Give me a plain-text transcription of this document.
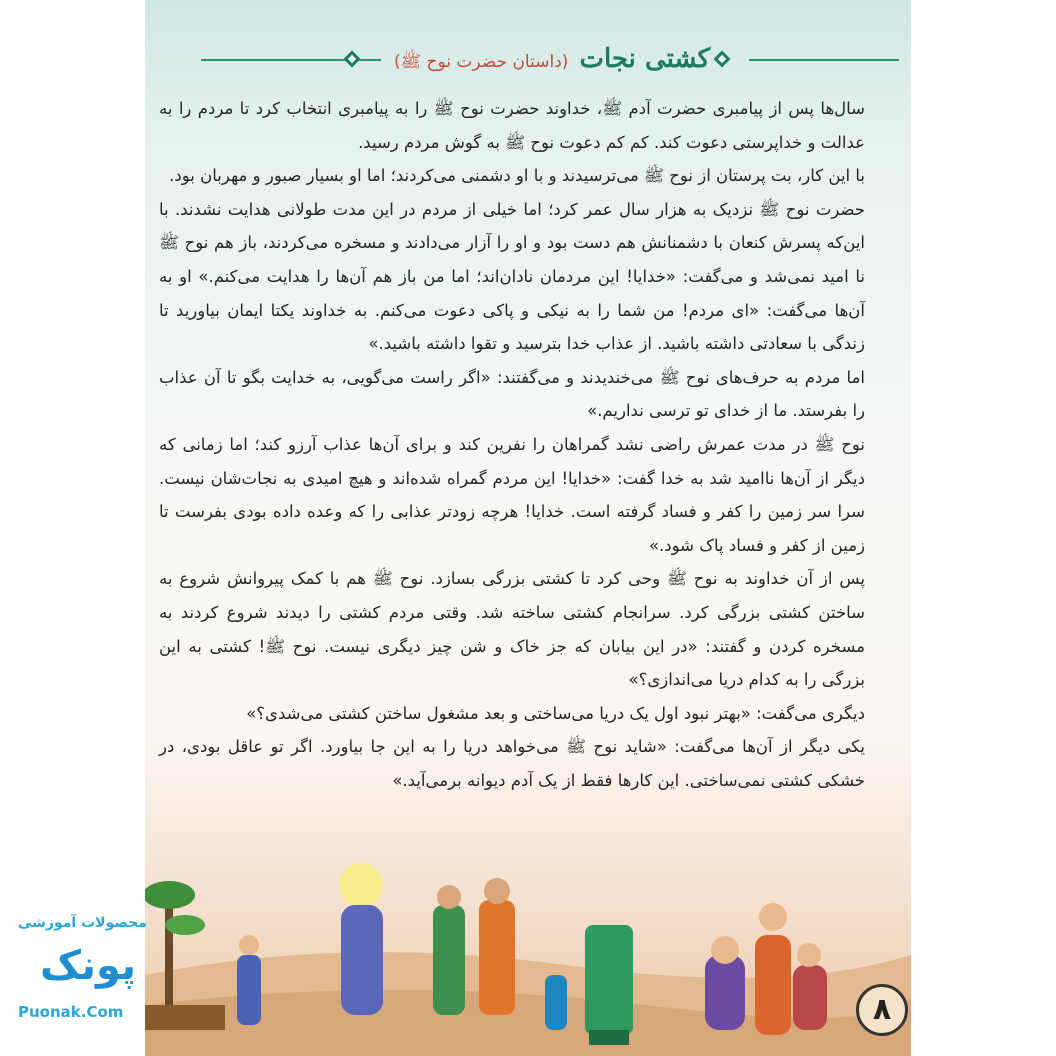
کشتی نجات (داستان حضرت نوح ﷺ)

سال‌ها پس از پیامبری حضرت آدم ﷺ، خداوند حضرت نوح ﷺ را به پیامبری انتخاب کرد تا مردم را به عدالت و خداپرستی دعوت کند. کم کم دعوت نوح ﷺ به گوش مردم رسید.

با این کار، بت پرستان از نوح ﷺ می‌ترسیدند و با او دشمنی می‌کردند؛ اما او بسیار صبور و مهربان بود.

حضرت نوح ﷺ نزدیک به هزار سال عمر کرد؛ اما خیلی از مردم در این مدت طولانی هدایت نشدند. با این‌که پسرش کنعان با دشمنانش هم دست بود و او را آزار می‌دادند و مسخره می‌کردند، باز هم نوح ﷺ نا امید نمی‌شد و می‌گفت: «خدایا! این مردمان نادان‌اند؛ اما من باز هم آن‌ها را هدایت می‌کنم.» او به آن‌ها می‌گفت: «ای مردم! من شما را به نیکی و پاکی دعوت می‌کنم. به خداوند یکتا ایمان بیاورید تا زندگی با سعادتی داشته باشید. از عذاب خدا بترسید و تقوا داشته باشید.»

اما مردم به حرف‌های نوح ﷺ می‌خندیدند و می‌گفتند: «اگر راست می‌گویی، به خدایت بگو تا آن عذاب را بفرستد. ما از خدای تو ترسی نداریم.»

نوح ﷺ در مدت عمرش راضی نشد گمراهان را نفرین کند و برای آن‌ها عذاب آرزو کند؛ اما زمانی که دیگر از آن‌ها ناامید شد به خدا گفت: «خدایا! این مردم گمراه شده‌اند و هیچ امیدی به نجات‌شان نیست. سرا سر زمین را کفر و فساد گرفته است. خدایا! هرچه زودتر عذابی را که وعده داده بودی بفرست تا زمین از کفر و فساد پاک شود.»

پس از آن خداوند به نوح ﷺ وحی کرد تا کشتی بزرگی بسازد. نوح ﷺ هم با کمک پیروانش شروع به ساختن کشتی بزرگی کرد. سرانجام کشتی ساخته شد. وقتی مردم کشتی را دیدند شروع کردند به مسخره کردن و گفتند: «در این بیابان که جز خاک و شن چیز دیگری نیست. نوح ﷺ! کشتی به این بزرگی را به کدام دریا می‌اندازی؟»

دیگری می‌گفت: «بهتر نبود اول یک دریا می‌ساختی و بعد مشغول ساختن کشتی می‌شدی؟»

یکی دیگر از آن‌ها می‌گفت: «شاید نوح ﷺ می‌خواهد دریا را به این جا بیاورد. اگر تو عاقل بودی، در خشکی کشتی نمی‌ساختی. این کارها فقط از یک آدم دیوانه برمی‌آید.»

۸
محصولات آموزشی
پونک
Puonak.Com
